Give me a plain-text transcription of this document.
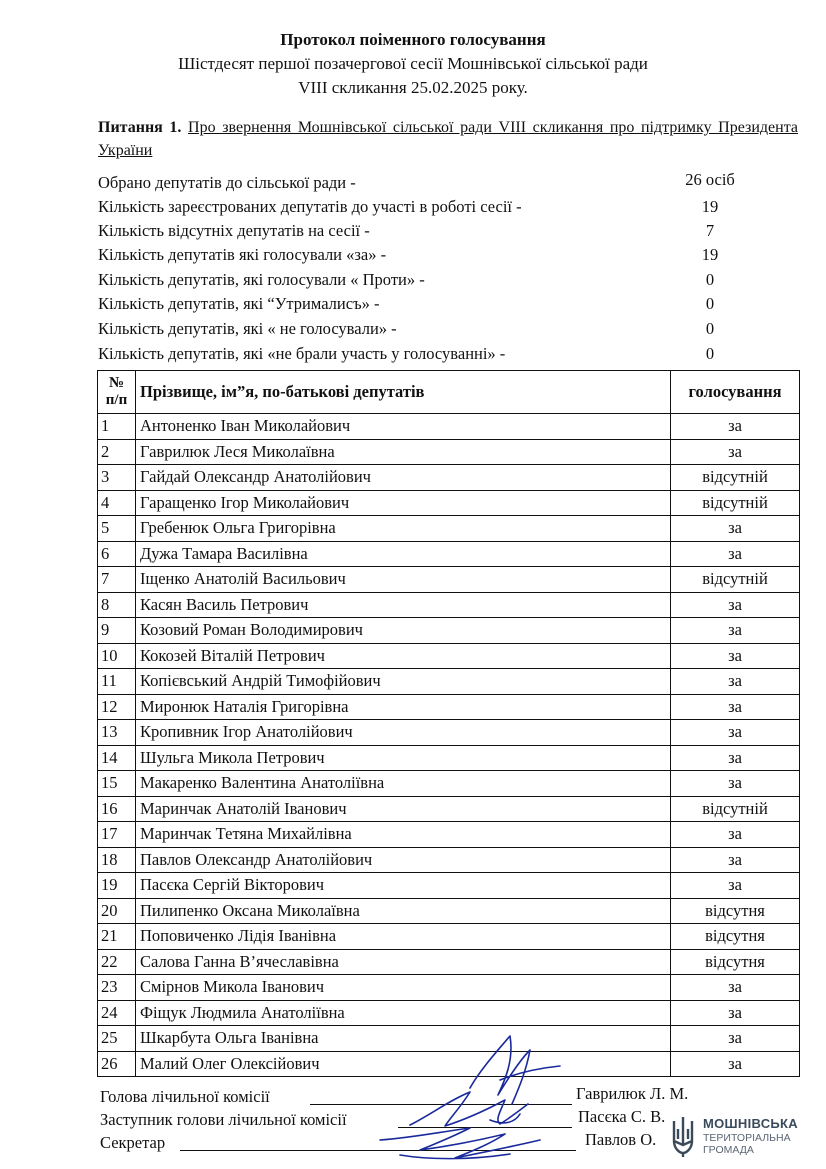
Протокол поіменного голосування
Шістдесят першої позачергової сесії Мошнівської сільської ради
VIII скликання 25.02.2025 року.
Питання 1. Про звернення Мошнівської сільської ради VIII скликання про підтримку Президента України
Обрано депутатів до сільської ради -	26 осіб
Кількість зареєстрованих депутатів до участі в роботі сесії -	19
Кількість відсутніх депутатів на сесії -	7
Кількість депутатів які голосували «за» -	19
Кількість депутатів, які голосували « Проти» -	0
Кількість депутатів, які “Утрималисъ» -	0
Кількість депутатів, які « не голосували» -	0
Кількість депутатів, які «не брали участь у голосуванні» -	0
№
п/п	Прізвище, ім”я, по-батькові депутатів	голосування
1	Антоненко Іван Миколайович	за
2	Гаврилюк Леся Миколаївна	за
3	Гайдай Олександр Анатолійович	відсутній
4	Гаращенко Ігор Миколайович	відсутній
5	Гребенюк Ольга Григорівна	за
6	Дужа Тамара Василівна	за
7	Іщенко Анатолій Васильович	відсутній
8	Касян Василь Петрович	за
9	Козовий Роман Володимирович	за
10	Кокозей Віталій Петрович	за
11	Копієвський Андрій Тимофійович	за
12	Миронюк Наталія Григорівна	за
13	Кропивник Ігор Анатолійович	за
14	Шульга Микола Петрович	за
15	Макаренко Валентина Анатоліївна	за
16	Маринчак Анатолій Іванович	відсутній
17	Маринчак Тетяна Михайлівна	за
18	Павлов Олександр Анатолійович	за
19	Пасєка Сергій Вікторович	за
20	Пилипенко Оксана Миколаївна	відсутня
21	Поповиченко Лідія Іванівна	відсутня
22	Салова Ганна В’ячеславівна	відсутня
23	Смірнов Микола Іванович	за
24	Фіщук Людмила Анатоліївна	за
25	Шкарбута Ольга Іванівна	за
26	Малий Олег Олексійович	за
Голова лічильної комісії	Гаврилюк Л. М.
Заступник голови лічильної комісії	Пасєка С. В.
Секретар	Павлов О.
МОШНІВСЬКА
ТЕРИТОРІАЛЬНА
ГРОМАДА
